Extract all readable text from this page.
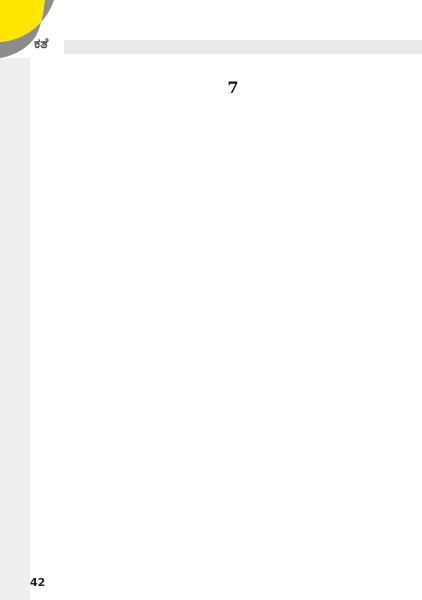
ಕತೆ

7

42
